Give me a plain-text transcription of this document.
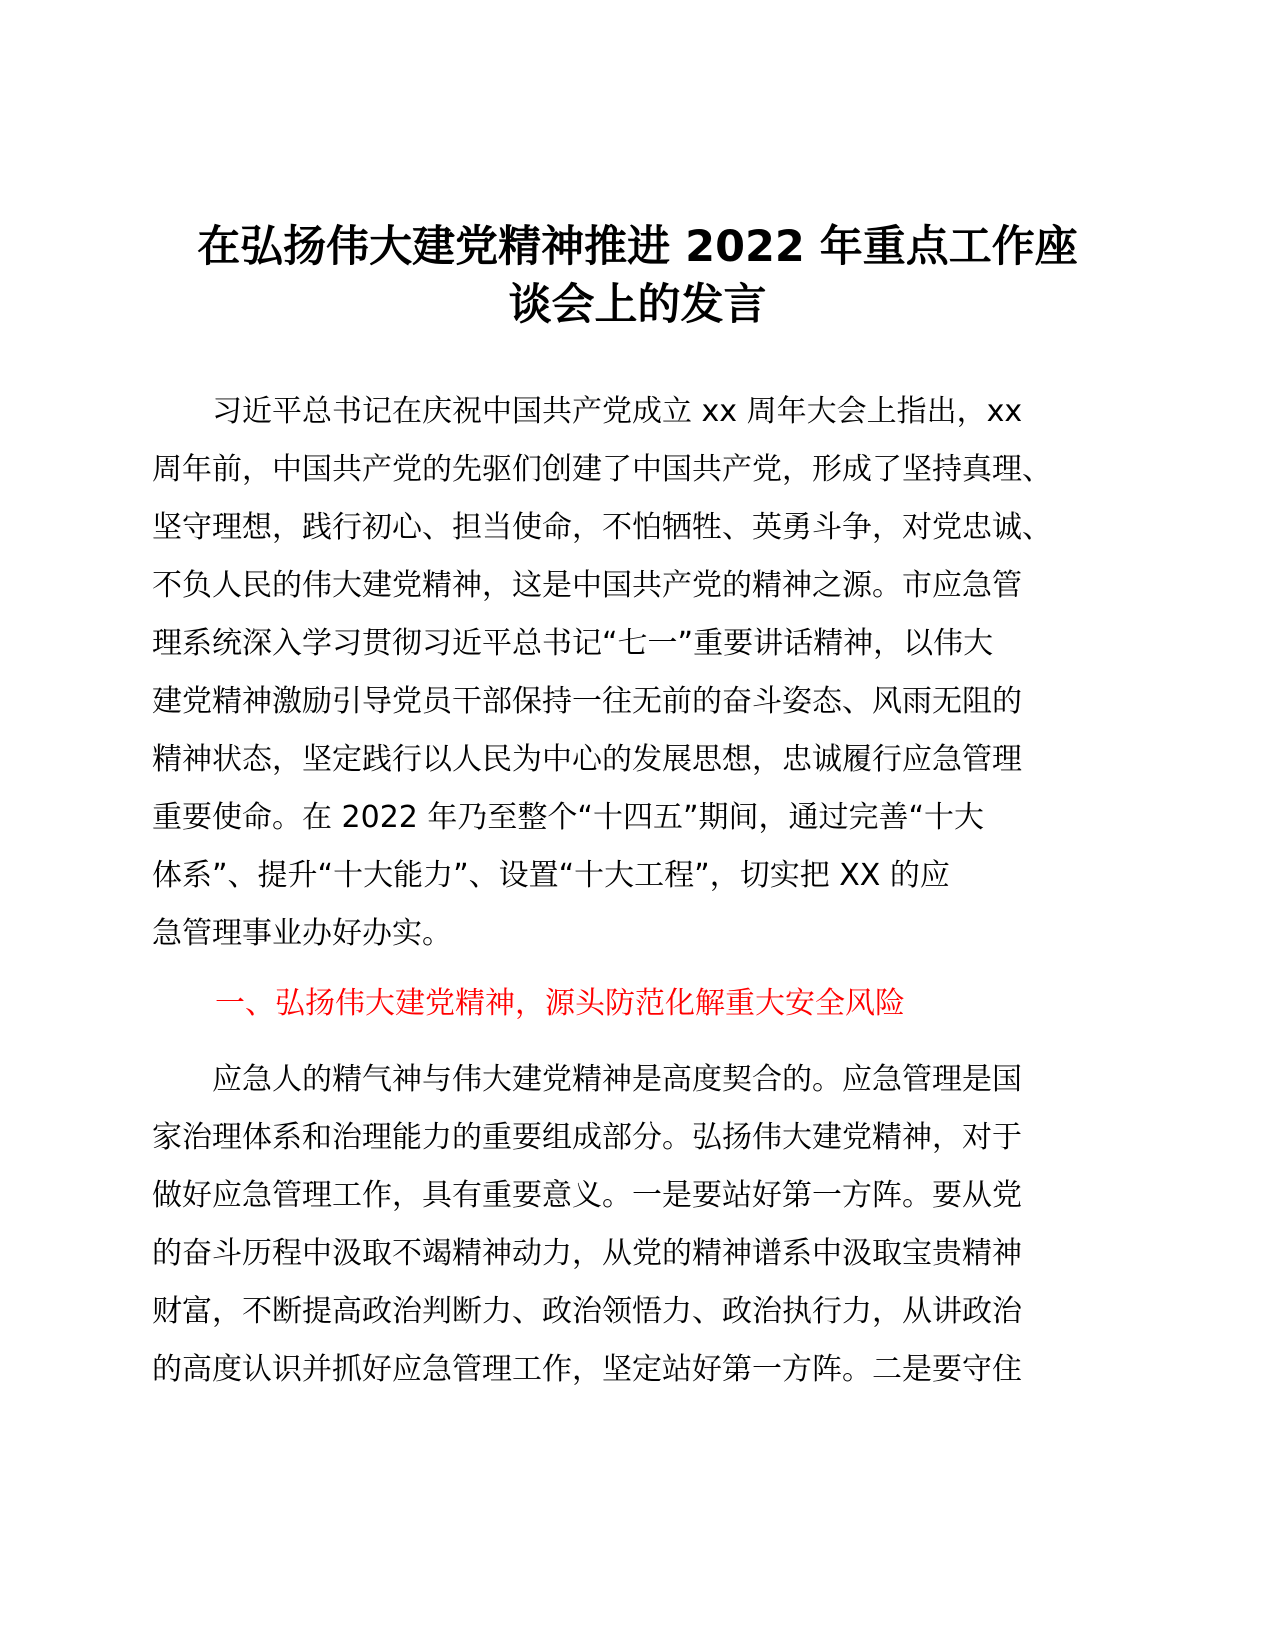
在弘扬伟大建党精神推进 2022 年重点工作座
谈会上的发言
　　习近平总书记在庆祝中国共产党成立 xx 周年大会上指出，xx
周年前，中国共产党的先驱们创建了中国共产党，形成了坚持真理、
坚守理想，践行初心、担当使命，不怕牺牲、英勇斗争，对党忠诚、
不负人民的伟大建党精神，这是中国共产党的精神之源。市应急管
理系统深入学习贯彻习近平总书记“七一”重要讲话精神，以伟大
建党精神激励引导党员干部保持一往无前的奋斗姿态、风雨无阻的
精神状态，坚定践行以人民为中心的发展思想，忠诚履行应急管理
重要使命。在 2022 年乃至整个“十四五”期间，通过完善“十大
体系”、提升“十大能力”、设置“十大工程”，切实把 XX 的应
急管理事业办好办实。
一、弘扬伟大建党精神，源头防范化解重大安全风险
　　应急人的精气神与伟大建党精神是高度契合的。应急管理是国
家治理体系和治理能力的重要组成部分。弘扬伟大建党精神，对于
做好应急管理工作，具有重要意义。一是要站好第一方阵。要从党
的奋斗历程中汲取不竭精神动力，从党的精神谱系中汲取宝贵精神
财富，不断提高政治判断力、政治领悟力、政治执行力，从讲政治
的高度认识并抓好应急管理工作，坚定站好第一方阵。二是要守住
